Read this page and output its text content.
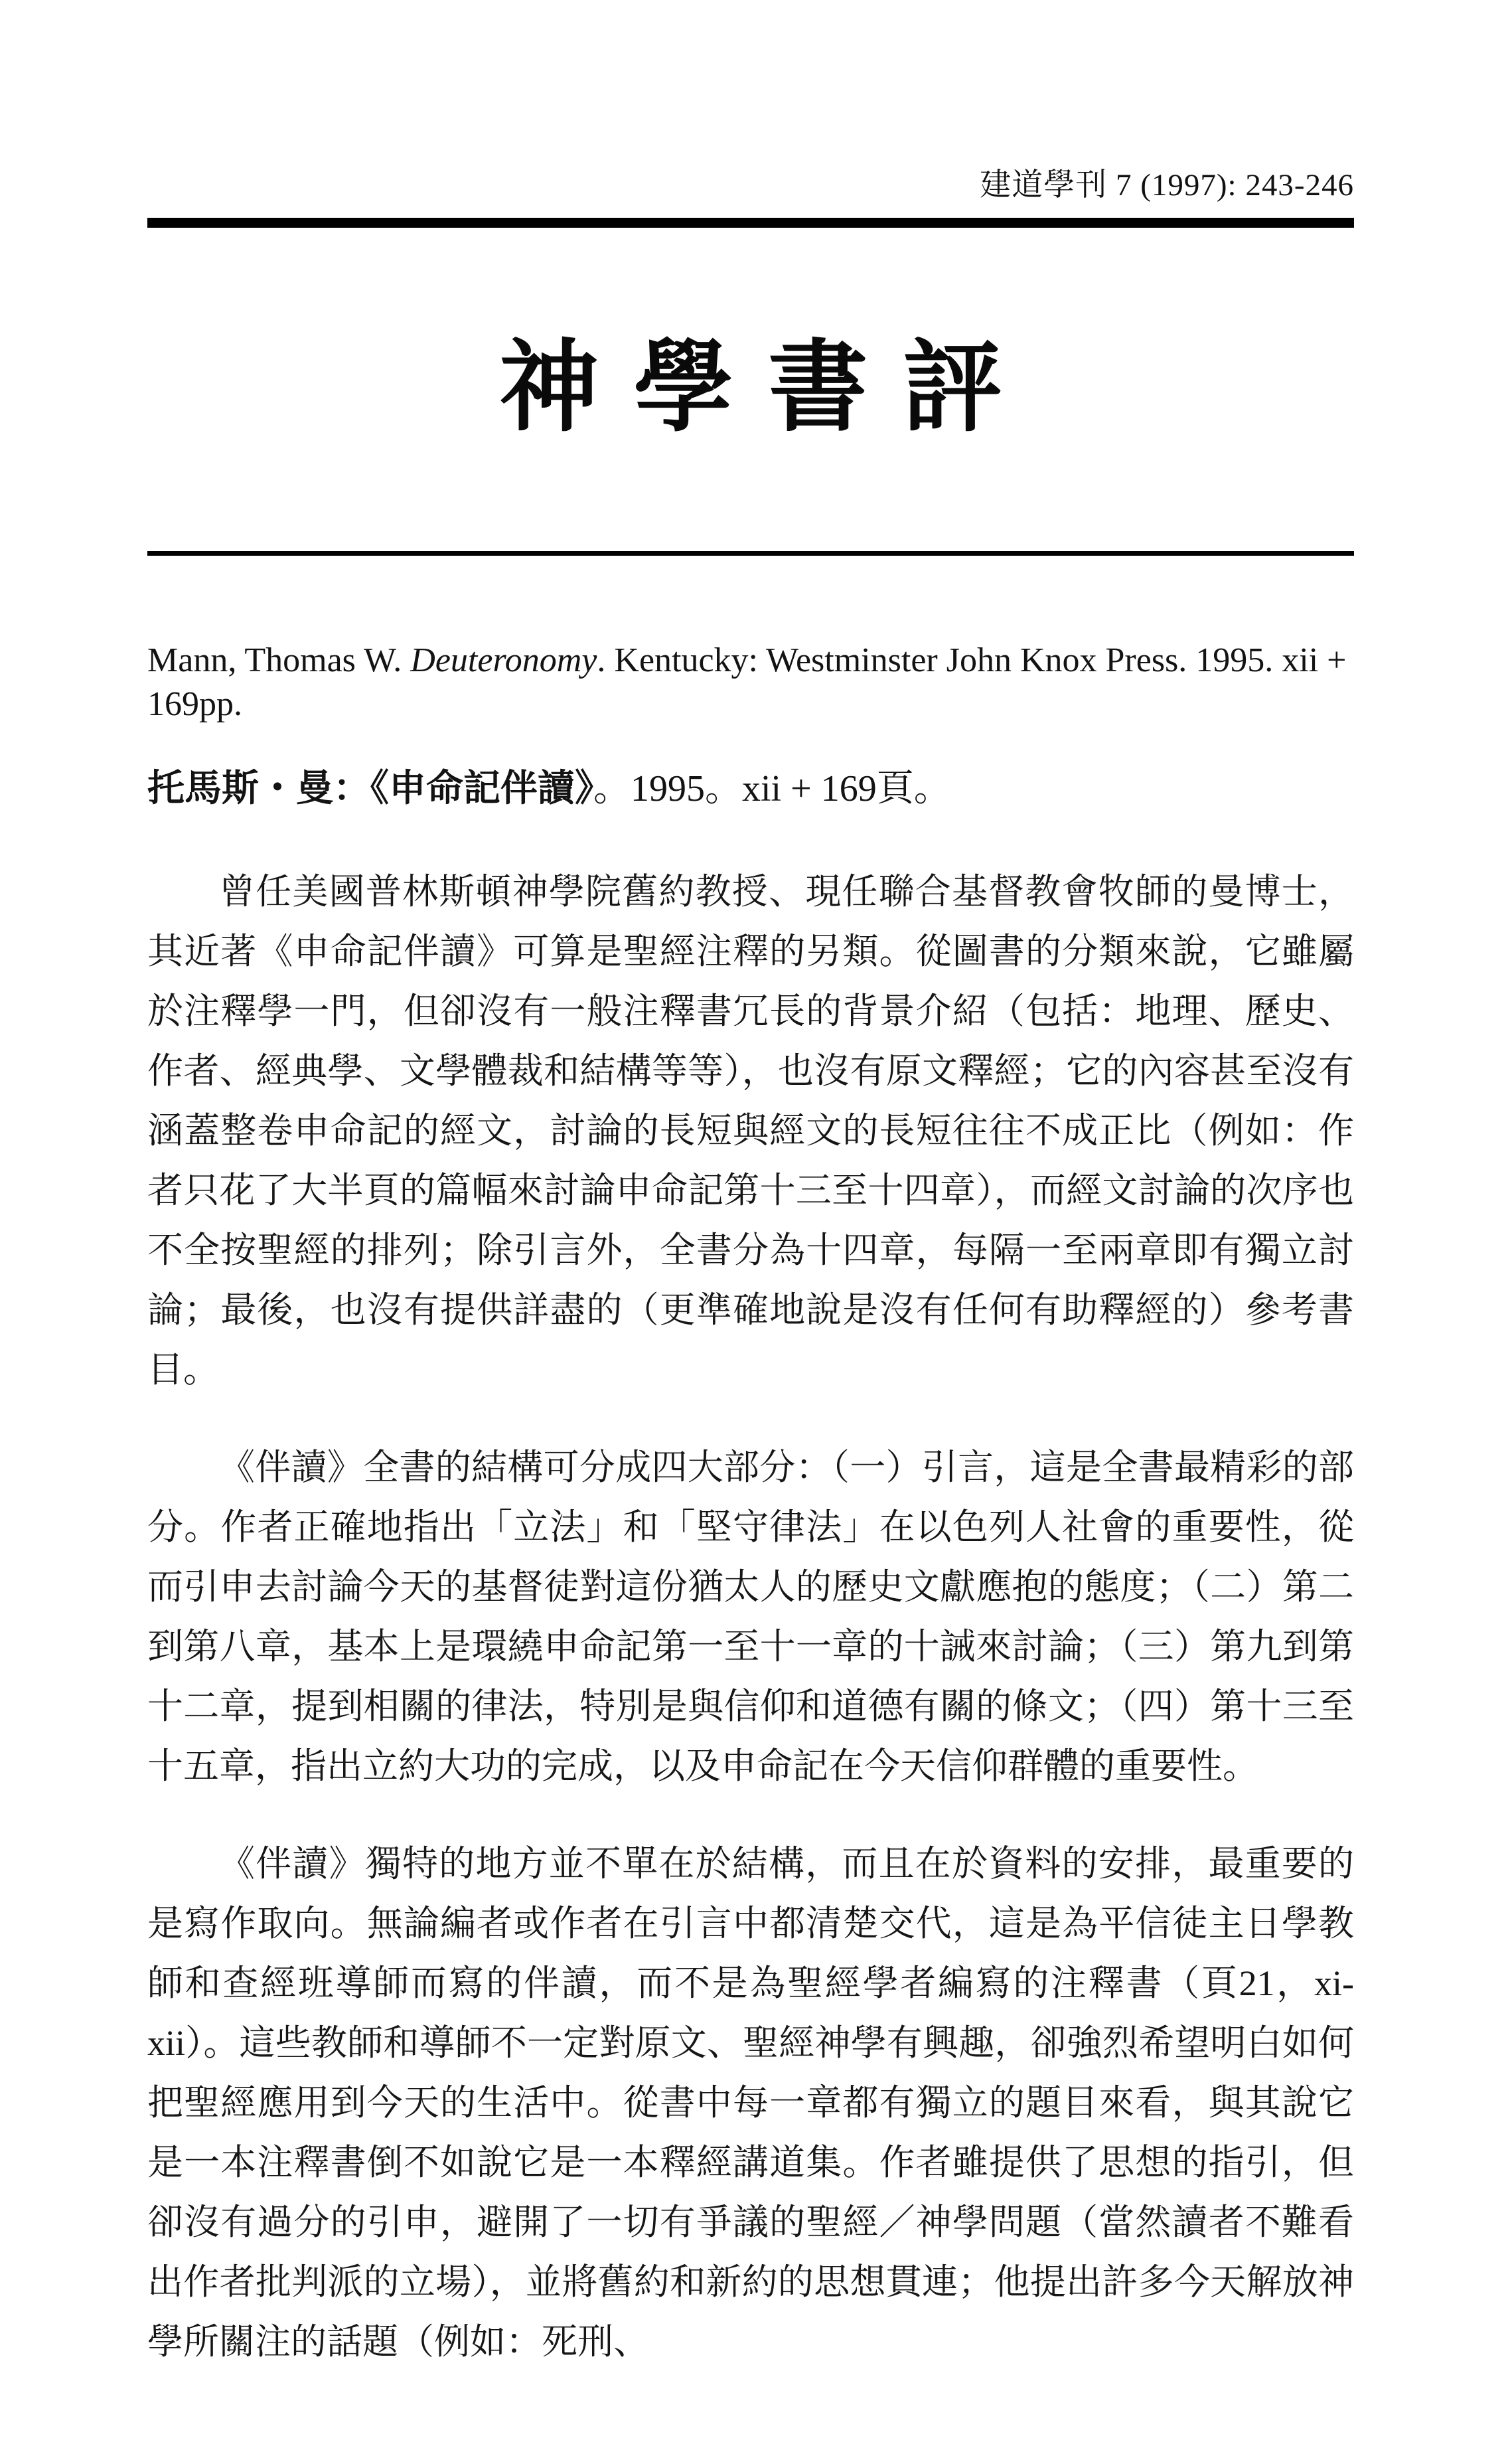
建道學刊 7 (1997): 243-246
神學書評

Mann, Thomas W. Deuteronomy. Kentucky: Westminster John Knox Press. 1995. xii + 169pp.

托馬斯・曼：《申命記伴讀》。1995。xii + 169頁。

曾任美國普林斯頓神學院舊約教授、現任聯合基督教會牧師的曼博士，其近著《申命記伴讀》可算是聖經注釋的另類。從圖書的分類來說，它雖屬於注釋學一門，但卻沒有一般注釋書冗長的背景介紹（包括：地理、歷史、作者、經典學、文學體裁和結構等等），也沒有原文釋經；它的內容甚至沒有涵蓋整卷申命記的經文，討論的長短與經文的長短往往不成正比（例如：作者只花了大半頁的篇幅來討論申命記第十三至十四章），而經文討論的次序也不全按聖經的排列；除引言外，全書分為十四章，每隔一至兩章即有獨立討論；最後，也沒有提供詳盡的（更準確地說是沒有任何有助釋經的）參考書目。

《伴讀》全書的結構可分成四大部分：（一）引言，這是全書最精彩的部分。作者正確地指出「立法」和「堅守律法」在以色列人社會的重要性，從而引申去討論今天的基督徒對這份猶太人的歷史文獻應抱的態度；（二）第二到第八章，基本上是環繞申命記第一至十一章的十誡來討論；（三）第九到第十二章，提到相關的律法，特別是與信仰和道德有關的條文；（四）第十三至十五章，指出立約大功的完成，以及申命記在今天信仰群體的重要性。

《伴讀》獨特的地方並不單在於結構，而且在於資料的安排，最重要的是寫作取向。無論編者或作者在引言中都清楚交代，這是為平信徒主日學教師和查經班導師而寫的伴讀，而不是為聖經學者編寫的注釋書（頁21，xi-xii）。這些教師和導師不一定對原文、聖經神學有興趣，卻強烈希望明白如何把聖經應用到今天的生活中。從書中每一章都有獨立的題目來看，與其說它是一本注釋書倒不如說它是一本釋經講道集。作者雖提供了思想的指引，但卻沒有過分的引申，避開了一切有爭議的聖經／神學問題（當然讀者不難看出作者批判派的立場），並將舊約和新約的思想貫連；他提出許多今天解放神學所關注的話題（例如：死刑、
